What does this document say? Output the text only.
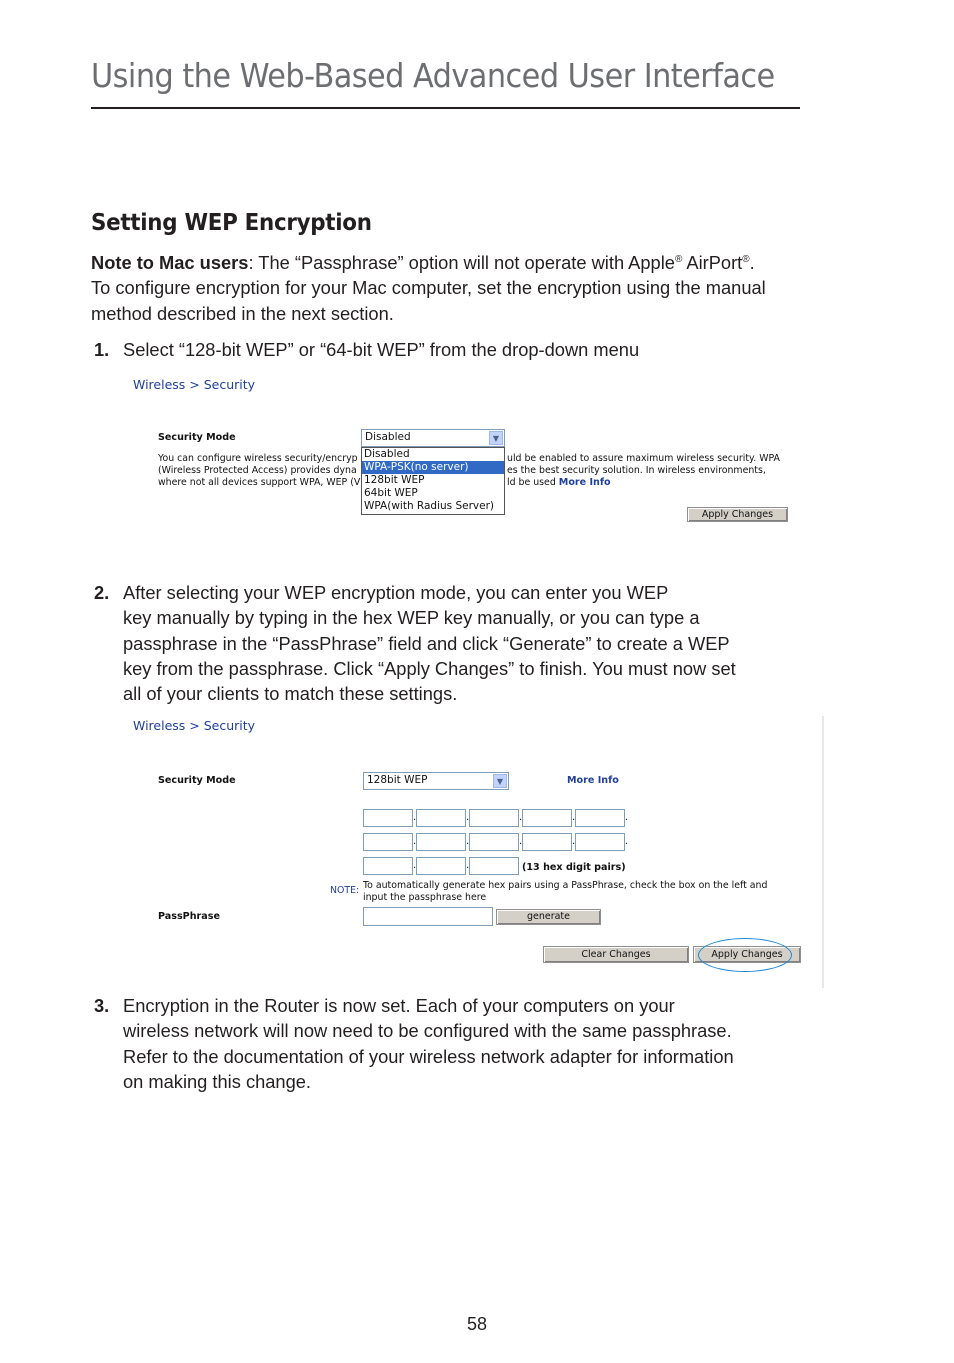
Using the Web-Based Advanced User Interface
Setting WEP Encryption
Note to Mac users: The “Passphrase” option will not operate with Apple® AirPort®.
To configure encryption for your Mac computer, set the encryption using the manual
method described in the next section.
1. Select “128-bit WEP” or “64-bit WEP” from the drop-down menu
Wireless > Security
Security Mode
You can configure wireless security/encryp
(Wireless Protected Access) provides dyna
where not all devices support WPA, WEP (V
uld be enabled to assure maximum wireless security. WPA
es the best security solution. In wireless environments,
ld be used More Info
Disabled	▼
Disabled
WPA-PSK(no server)
128bit WEP
64bit WEP
WPA(with Radius Server)
Apply Changes
2. After selecting your WEP encryption mode, you can enter you WEP
key manually by typing in the hex WEP key manually, or you can type a
passphrase in the “PassPhrase” field and click “Generate” to create a WEP
key from the passphrase. Click “Apply Changes” to finish. You must now set
all of your clients to match these settings.
Wireless > Security
Security Mode	128bit WEP	▼	More Info
.	.	.	.	.
.	.	.	.	.
.	.	(13 hex digit pairs)
NOTE: To automatically generate hex pairs using a PassPhrase, check the box on the left and
input the passphrase here
PassPhrase	generate
Clear Changes	Apply Changes
3. Encryption in the Router is now set. Each of your computers on your
wireless network will now need to be configured with the same passphrase.
Refer to the documentation of your wireless network adapter for information
on making this change.
58
